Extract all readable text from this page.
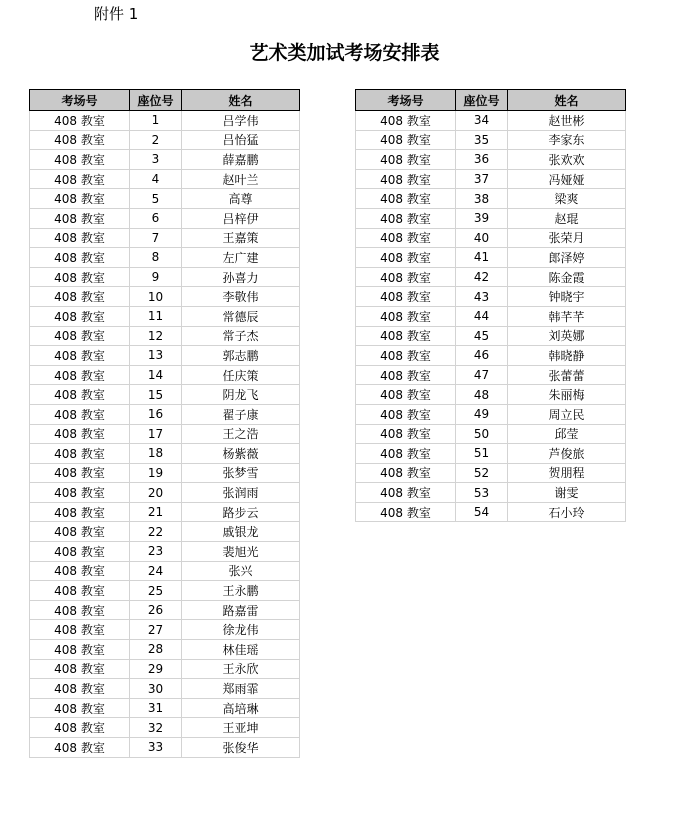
附件 1
艺术类加试考场安排表
考场号	座位号	姓名
408 教室	1	吕学伟
408 教室	2	吕怡猛
408 教室	3	薛嘉鹏
408 教室	4	赵叶兰
408 教室	5	高尊
408 教室	6	吕梓伊
408 教室	7	王嘉策
408 教室	8	左广建
408 教室	9	孙喜力
408 教室	10	李敬伟
408 教室	11	常德辰
408 教室	12	常子杰
408 教室	13	郭志鹏
408 教室	14	任庆策
408 教室	15	阴龙飞
408 教室	16	翟子康
408 教室	17	王之浩
408 教室	18	杨紫薇
408 教室	19	张梦雪
408 教室	20	张润雨
408 教室	21	路步云
408 教室	22	戚银龙
408 教室	23	裴旭光
408 教室	24	张兴
408 教室	25	王永鹏
408 教室	26	路嘉雷
408 教室	27	徐龙伟
408 教室	28	林佳瑶
408 教室	29	王永欣
408 教室	30	郑雨霏
408 教室	31	高培琳
408 教室	32	王亚坤
408 教室	33	张俊华
考场号	座位号	姓名
408 教室	34	赵世彬
408 教室	35	李家东
408 教室	36	张欢欢
408 教室	37	冯娅娅
408 教室	38	梁爽
408 教室	39	赵琨
408 教室	40	张荣月
408 教室	41	郎泽婷
408 教室	42	陈金霞
408 教室	43	钟晓宇
408 教室	44	韩芊芊
408 教室	45	刘英娜
408 教室	46	韩晓静
408 教室	47	张蕾蕾
408 教室	48	朱丽梅
408 教室	49	周立民
408 教室	50	邱莹
408 教室	51	芦俊旅
408 教室	52	贺朋程
408 教室	53	谢雯
408 教室	54	石小玲
